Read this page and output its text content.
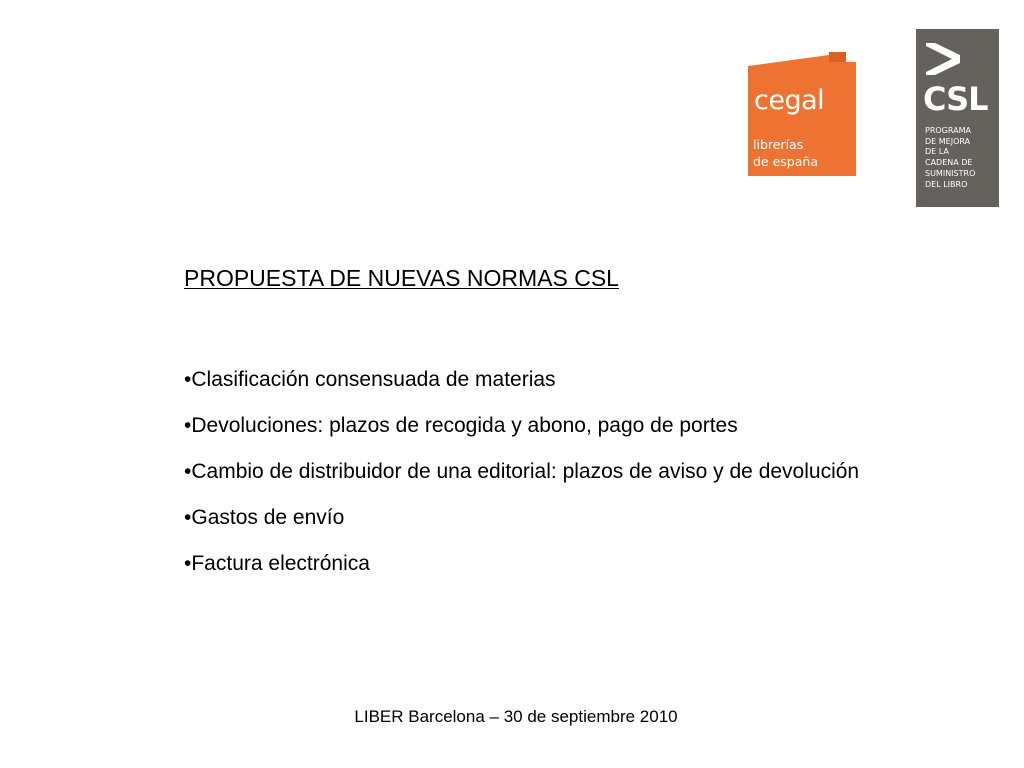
cegal
librerías
de españa
CSL
PROGRAMA
DE MEJORA
DE LA
CADENA DE
SUMINISTRO
DEL LIBRO
PROPUESTA DE NUEVAS NORMAS CSL
•Clasificación consensuada de materias
•Devoluciones: plazos de recogida y abono, pago de portes
•Cambio de distribuidor de una editorial: plazos de aviso y de devolución
•Gastos de envío
•Factura electrónica
LIBER Barcelona – 30 de septiembre 2010
